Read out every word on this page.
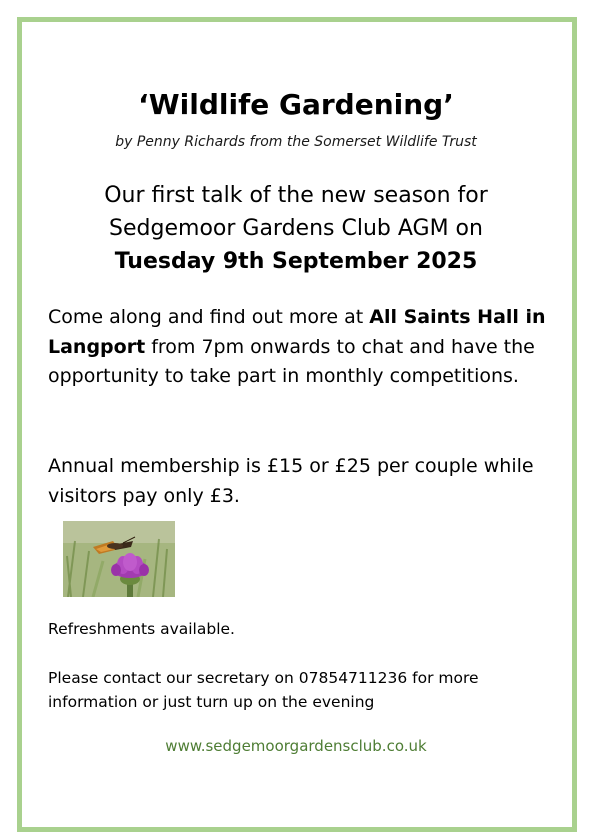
‘Wildlife Gardening’
by Penny Richards from the Somerset Wildlife Trust
Our first talk of the new season for
Sedgemoor Gardens Club AGM on
Tuesday 9th September 2025
Come along and find out more at All Saints Hall in Langport from 7pm onwards to chat and have the opportunity to take part in monthly competitions.
Annual membership is £15 or £25 per couple while visitors pay only £3.
Refreshments available.
Please contact our secretary on 07854711236 for more information or just turn up on the evening
www.sedgemoorgardensclub.co.uk
